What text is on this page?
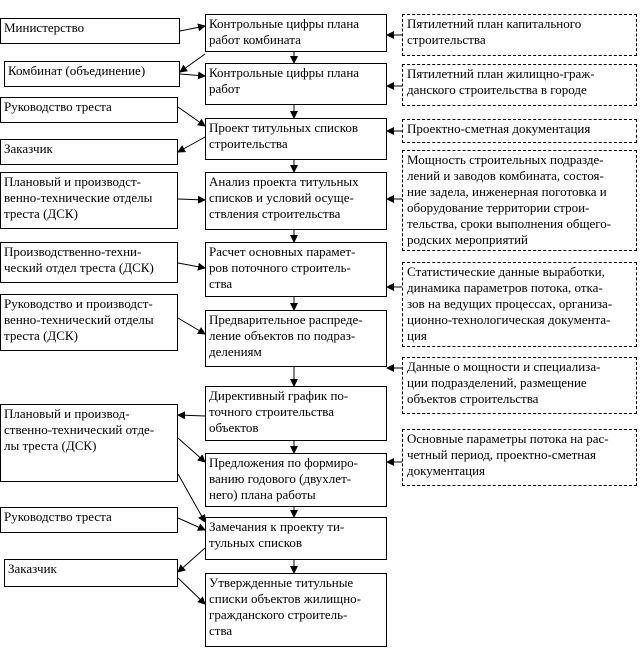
Министерство
Комбинат (объединение)
Руководство треста
Заказчик
Плановый и производст-
венно-технические отделы
треста (ДСК)
Производственно-техни-
ческий отдел треста (ДСК)
Руководство и производст-
венно-технический отделы
треста (ДСК)
Плановый и производ-
ственно-технический отде-
лы треста (ДСК)
Руководство треста
Заказчик
Контрольные цифры плана
работ комбината
Контрольные цифры плана
работ
Проект титульных списков
строительства
Анализ проекта титульных
списков и условий осуще-
ствления строительства
Расчет основных парамет-
ров поточного строитель-
ства
Предварительное распреде-
ление объектов по подраз-
делениям
Директивный график по-
точного строительства
объектов
Предложения по формиро-
ванию годового (двухлет-
него) плана работы
Замечания к проекту ти-
тульных списков
Утвержденные титульные
списки объектов жилищно-
гражданского строитель-
ства
Пятилетний план капитального
строительства
Пятилетний план жилищно-граж-
данского строительства в городе
Проектно-сметная документация
Мощность строительных подразде-
лений и заводов комбината, состоя-
ние задела, инженерная поготовка и
оборудование территории строи-
тельства, сроки выполнения общего-
родских мероприятий
Статистические данные выработки,
динамика параметров потока, отка-
зов на ведущих процессах, организа-
ционно-технологическая документа-
ция
Данные о мощности и специализа-
ции подразделений, размещение
объектов строительства
Основные параметры потока на рас-
четный период, проектно-сметная
документация
